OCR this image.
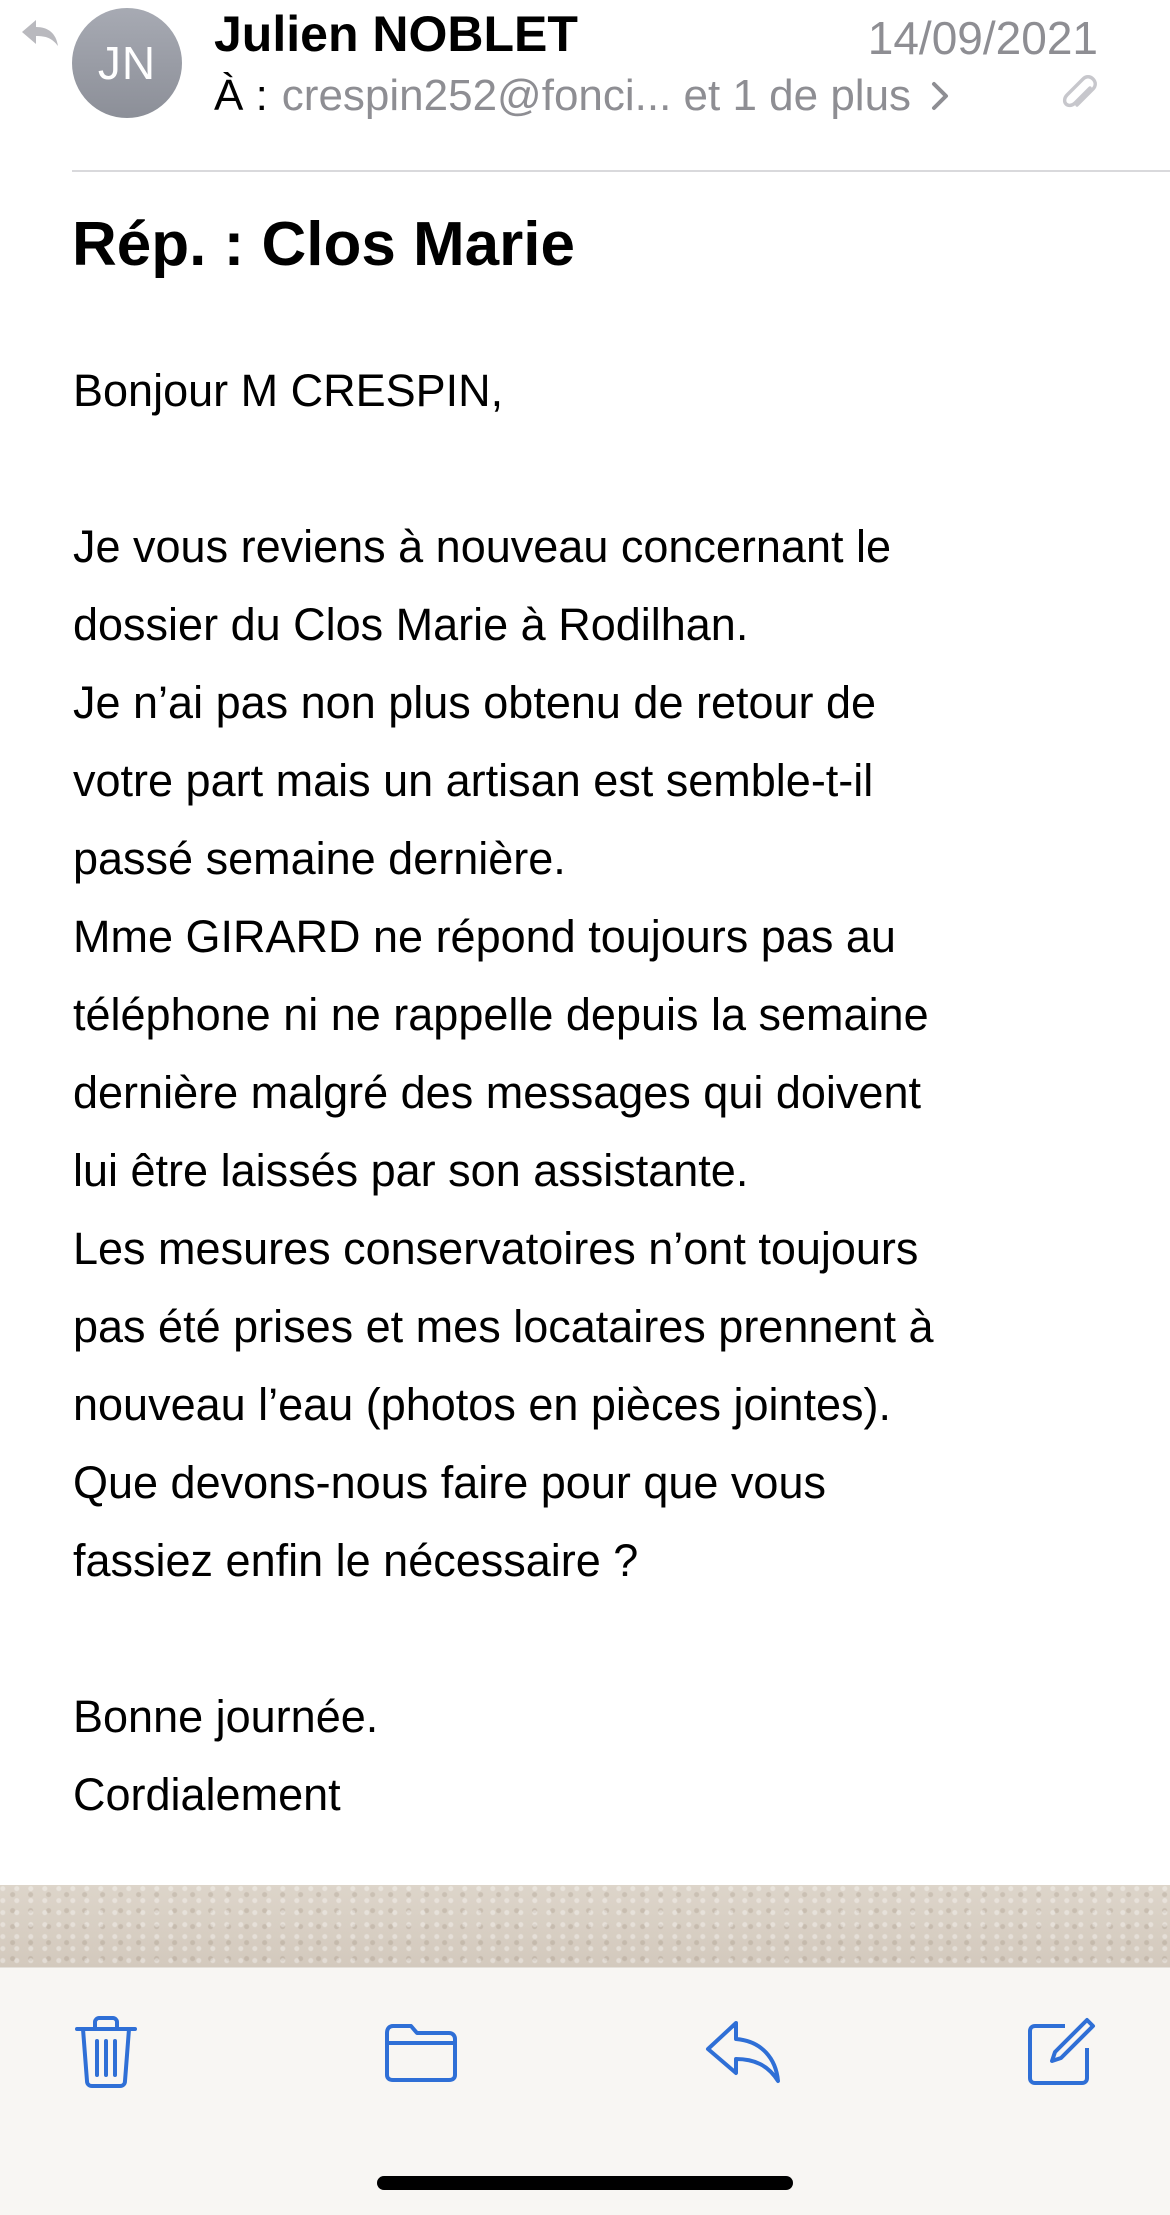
JN
Julien NOBLET	14/09/2021
À : crespin252@fonci... et 1 de plus
Rép. : Clos Marie
Bonjour M CRESPIN,
Je vous reviens à nouveau concernant le
dossier du Clos Marie à Rodilhan.
Je n’ai pas non plus obtenu de retour de
votre part mais un artisan est semble-t-il
passé semaine dernière.
Mme GIRARD ne répond toujours pas au
téléphone ni ne rappelle depuis la semaine
dernière malgré des messages qui doivent
lui être laissés par son assistante.
Les mesures conservatoires n’ont toujours
pas été prises et mes locataires prennent à
nouveau l’eau (photos en pièces jointes).
Que devons-nous faire pour que vous
fassiez enfin le nécessaire ?
Bonne journée.
Cordialement
